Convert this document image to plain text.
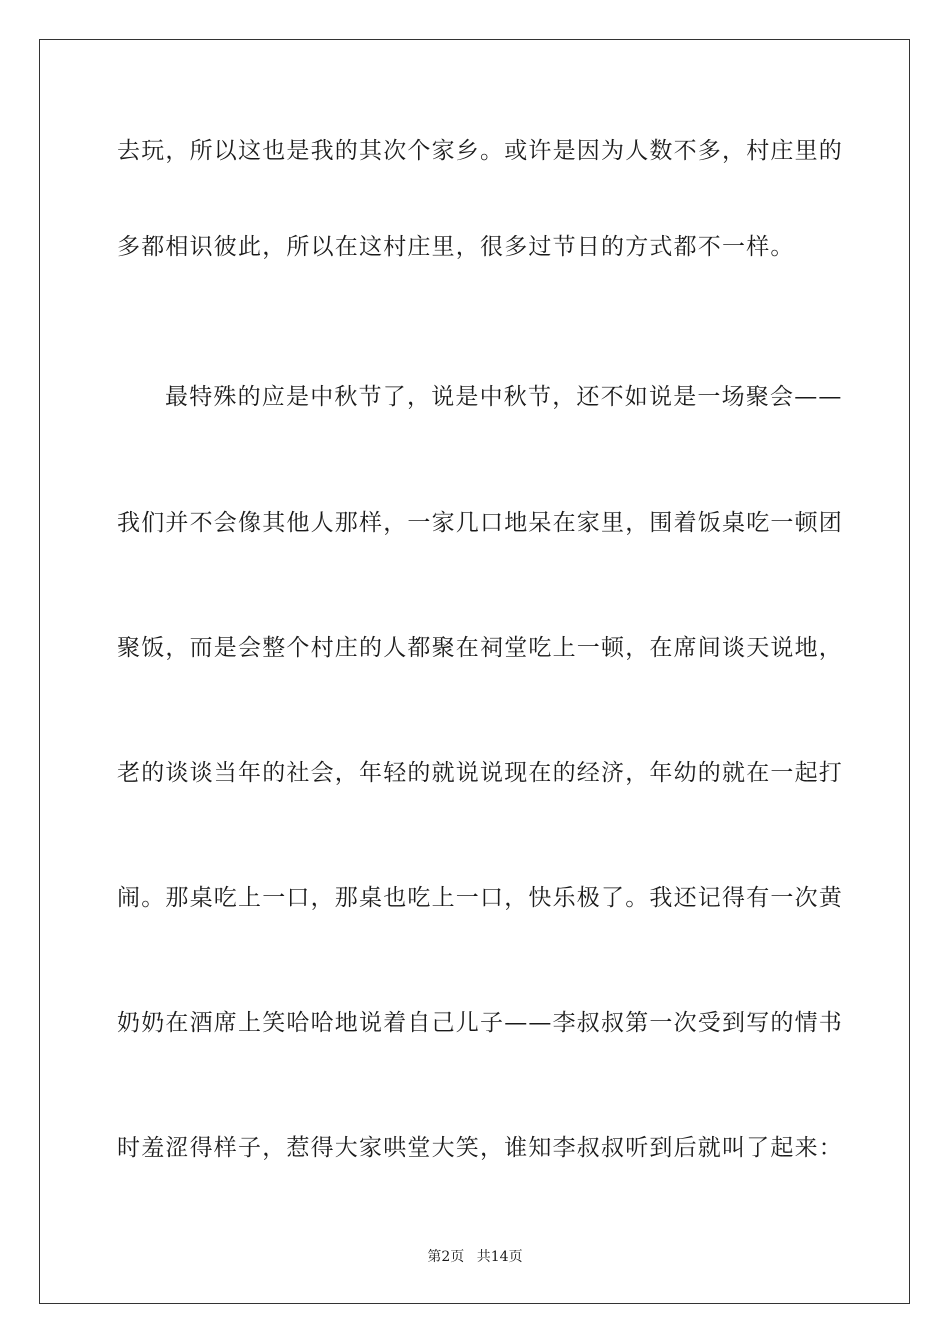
去玩，所以这也是我的其次个家乡。或许是因为人数不多，村庄里的
多都相识彼此，所以在这村庄里，很多过节日的方式都不一样。
最特殊的应是中秋节了，说是中秋节，还不如说是一场聚会——
我们并不会像其他人那样，一家几口地呆在家里，围着饭桌吃一顿团
聚饭，而是会整个村庄的人都聚在祠堂吃上一顿，在席间谈天说地，
老的谈谈当年的社会，年轻的就说说现在的经济，年幼的就在一起打
闹。那桌吃上一口，那桌也吃上一口，快乐极了。我还记得有一次黄
奶奶在酒席上笑哈哈地说着自己儿子——李叔叔第一次受到写的情书
时羞涩得样子，惹得大家哄堂大笑，谁知李叔叔听到后就叫了起来：
第2页 共14页
